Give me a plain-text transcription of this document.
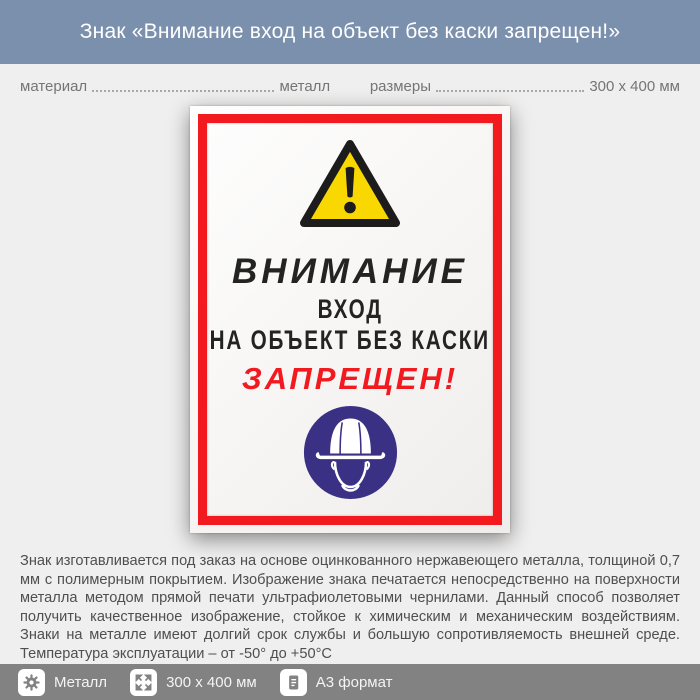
Знак «Внимание вход на объект без каски запрещен!»
материал	металл	размеры	300 х 400 мм
ВНИМАНИЕ
ВХОД
НА ОБЪЕКТ БЕЗ КАСКИ
ЗАПРЕЩЕН!
Знак изготавливается под заказ на основе оцинкованного нержавеющего металла, толщиной 0,7 мм с полимерным покрытием. Изображение знака печатается непосредственно на поверхности металла методом прямой печати ультрафиолетовыми чернилами. Данный способ позволяет получить качественное изображение, стойкое к химическим и механическим воздействиям. Знаки на металле имеют долгий срок службы и большую сопротивляемость внешней среде. Температура эксплуатации – от -50° до +50°С
Металл	300 х 400 мм	А3 формат
